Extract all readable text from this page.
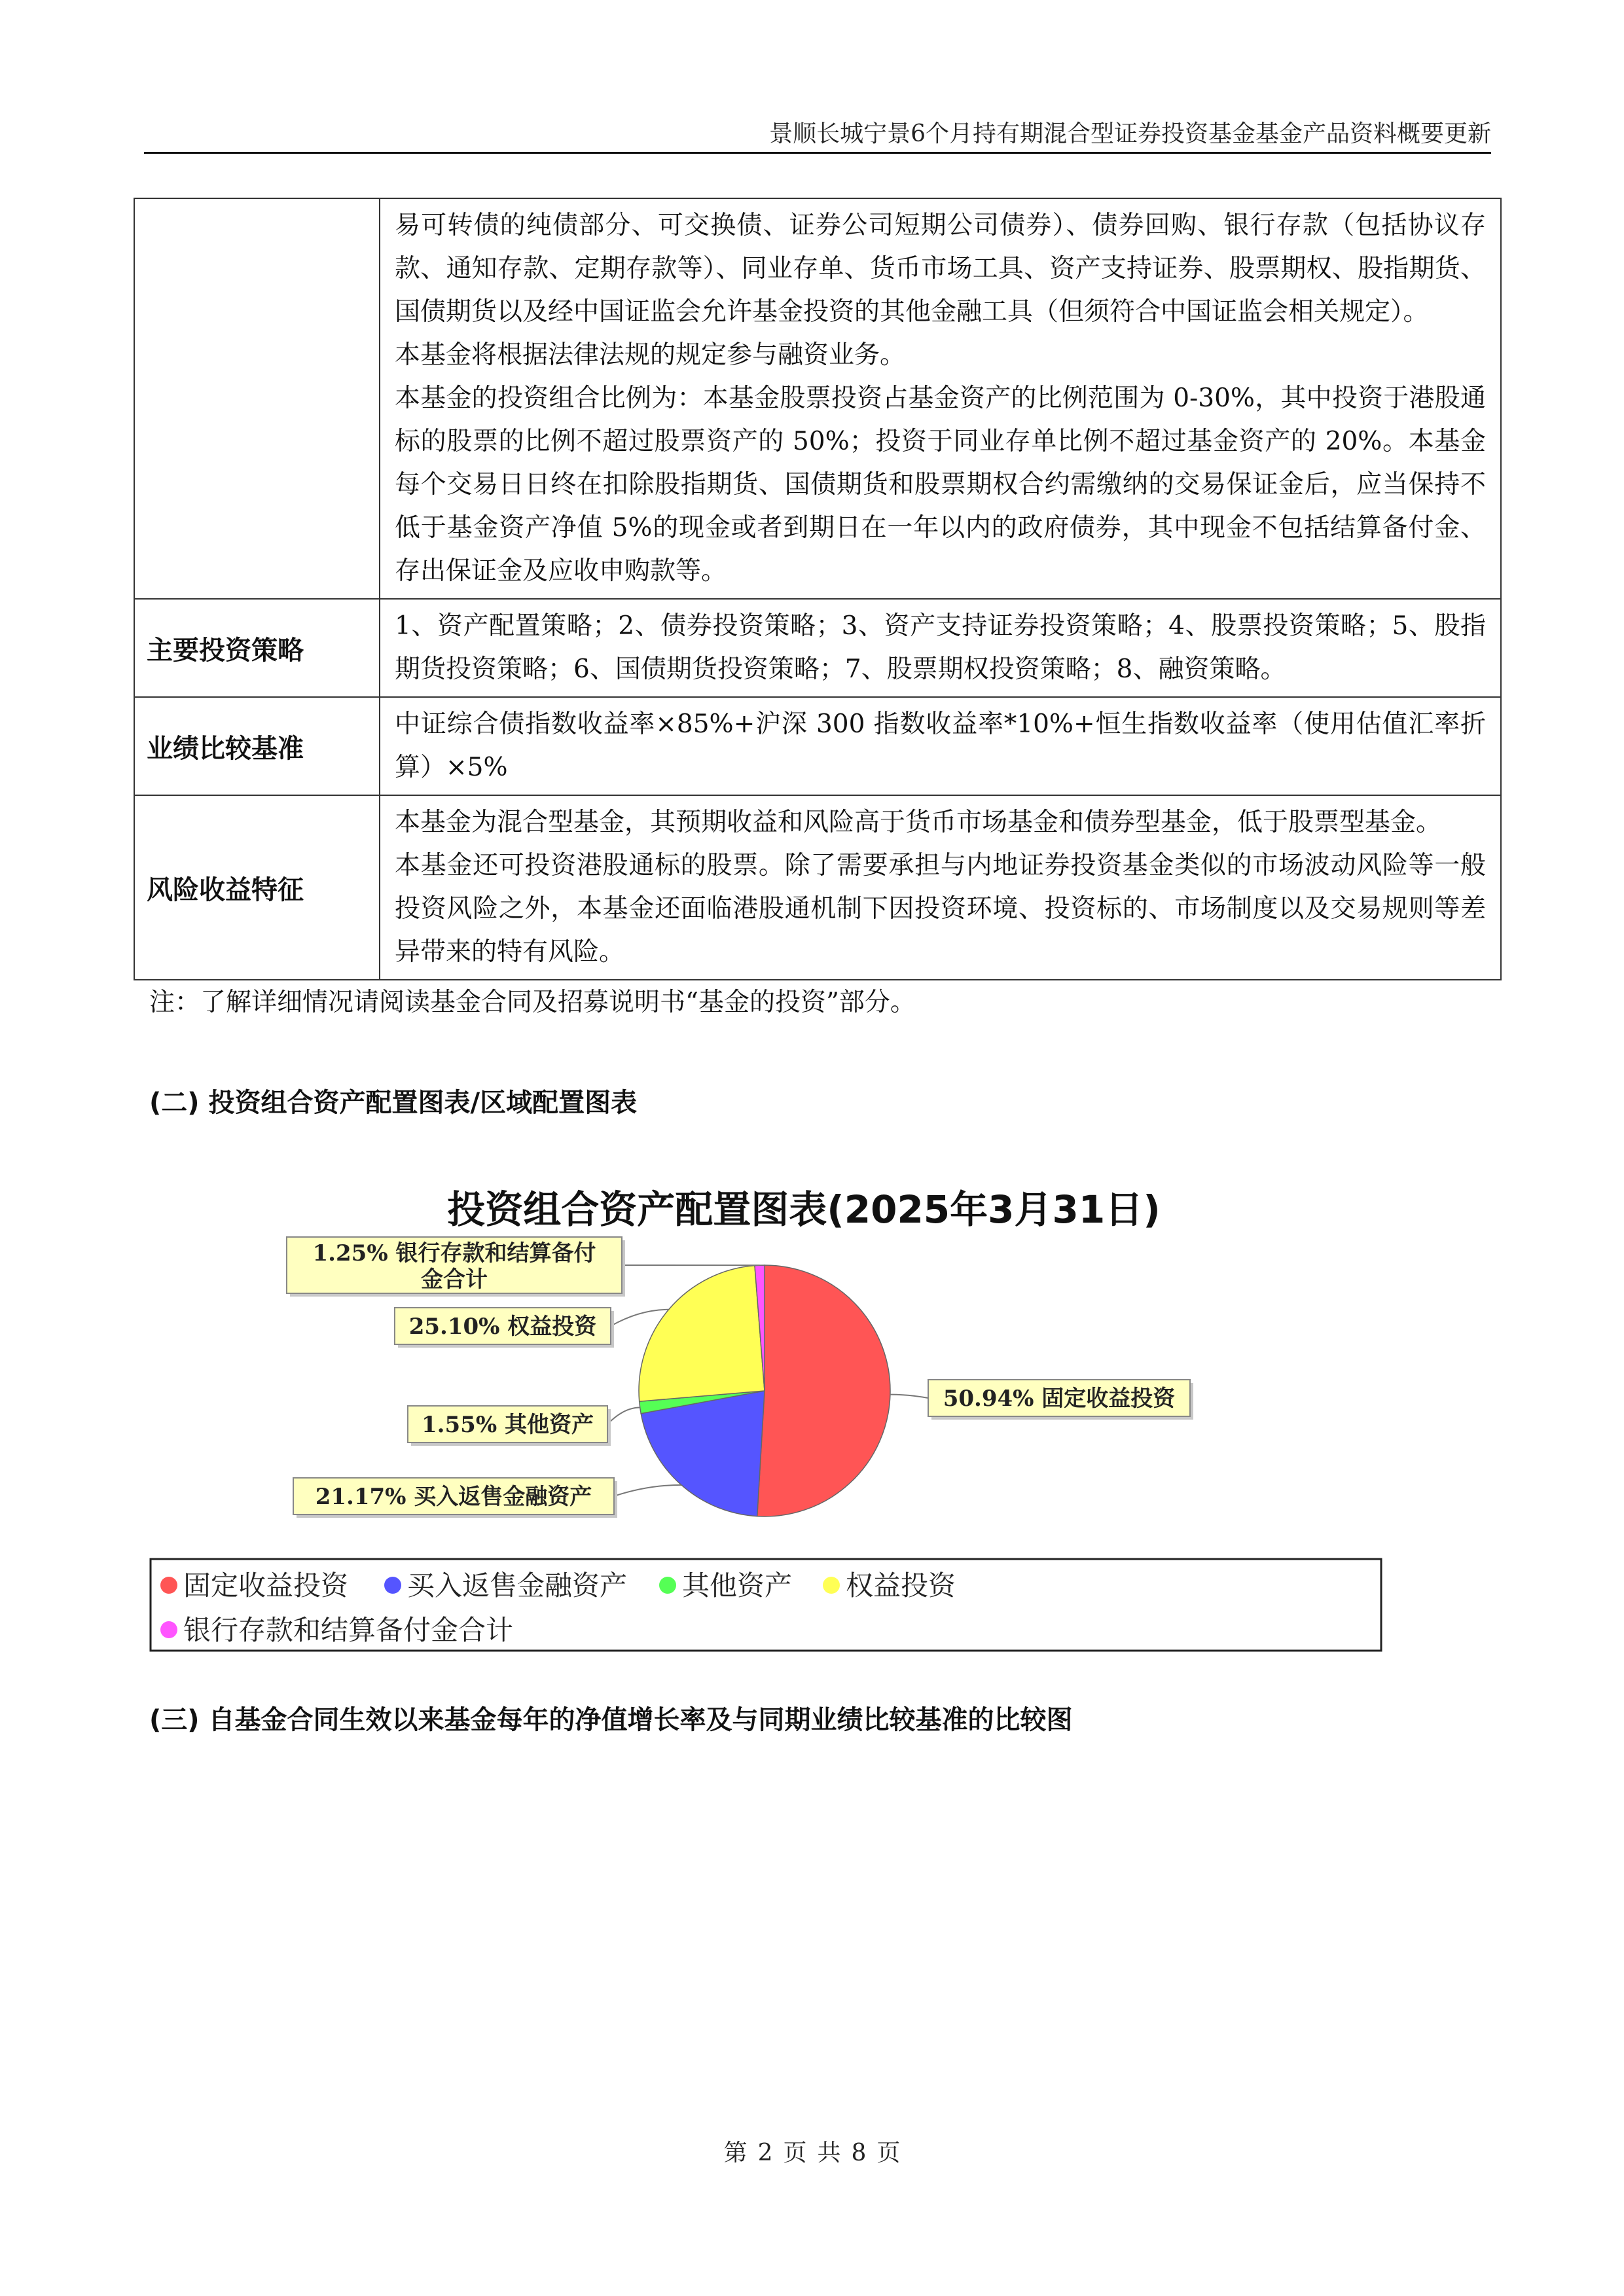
景顺长城宁景6个月持有期混合型证券投资基金基金产品资料概要更新

	易可转债的纯债部分、可交换债、证券公司短期公司债券）、债券回购、银行存款（包括协议存款、通知存款、定期存款等）、同业存单、货币市场工具、资产支持证券、股票期权、股指期货、国债期货以及经中国证监会允许基金投资的其他金融工具（但须符合中国证监会相关规定）。
本基金将根据法律法规的规定参与融资业务。
本基金的投资组合比例为：本基金股票投资占基金资产的比例范围为 0-30%，其中投资于港股通标的股票的比例不超过股票资产的 50%；投资于同业存单比例不超过基金资产的 20%。本基金每个交易日日终在扣除股指期货、国债期货和股票期权合约需缴纳的交易保证金后，应当保持不低于基金资产净值 5%的现金或者到期日在一年以内的政府债券，其中现金不包括结算备付金、存出保证金及应收申购款等。

主要投资策略	1、资产配置策略；2、债券投资策略；3、资产支持证券投资策略；4、股票投资策略；5、股指期货投资策略；6、国债期货投资策略；7、股票期权投资策略；8、融资策略。

业绩比较基准	中证综合债指数收益率×85%+沪深 300 指数收益率*10%+恒生指数收益率（使用估值汇率折算）×5%

风险收益特征	本基金为混合型基金，其预期收益和风险高于货币市场基金和债券型基金，低于股票型基金。
本基金还可投资港股通标的股票。除了需要承担与内地证券投资基金类似的市场波动风险等一般投资风险之外，本基金还面临港股通机制下因投资环境、投资标的、市场制度以及交易规则等差异带来的特有风险。
注：了解详细情况请阅读基金合同及招募说明书“基金的投资”部分。
(二) 投资组合资产配置图表/区域配置图表
投资组合资产配置图表(2025年3月31日)
50.94% 固定收益投资
21.17% 买入返售金融资产
1.55% 其他资产
25.10% 权益投资
1.25% 银行存款和结算备付金合计
固定收益投资 买入返售金融资产 其他资产 权益投资
银行存款和结算备付金合计
(三) 自基金合同生效以来基金每年的净值增长率及与同期业绩比较基准的比较图
第 2 页 共 8 页
